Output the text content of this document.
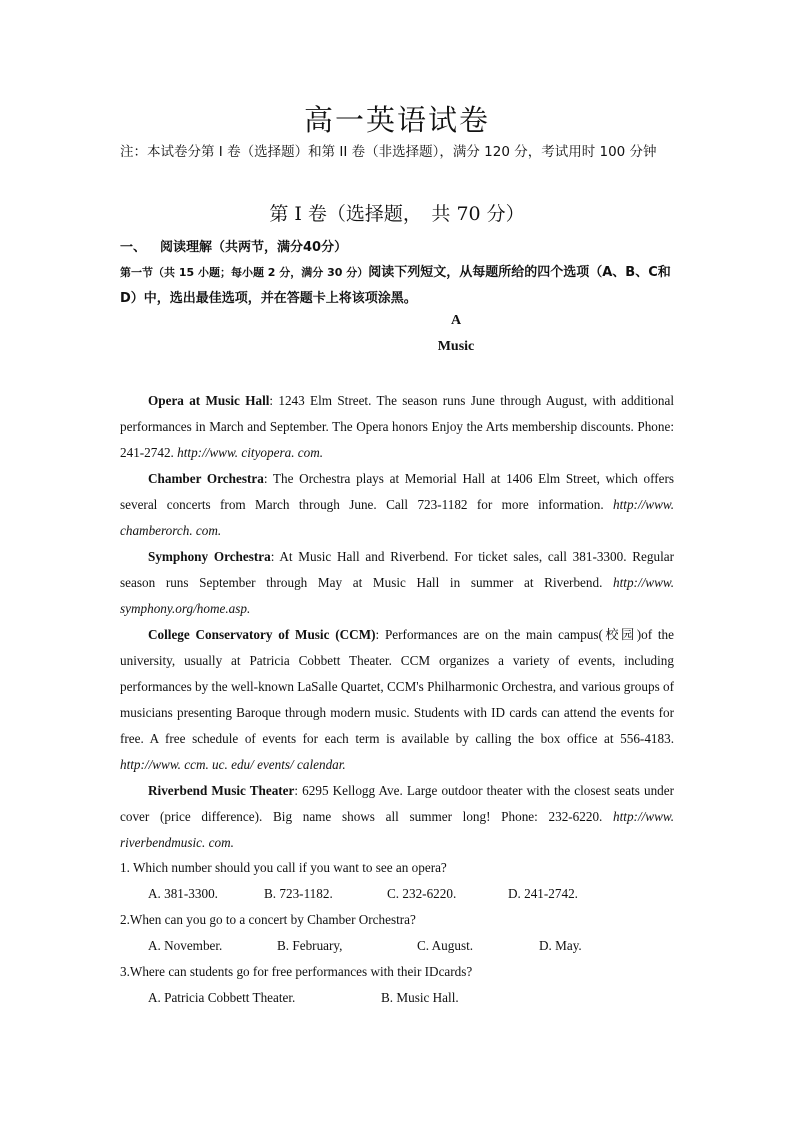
高一英语试卷
注：本试卷分第 I 卷（选择题）和第 II 卷（非选择题），满分 120 分，考试用时 100 分钟
第 I 卷（选择题，　共 70 分）
一、 阅读理解（共两节，满分40分）
第一节（共 15 小题；每小题 2 分，满分 30 分）阅读下列短文，从每题所给的四个选项（A、B、C和D）中，选出最佳选项，并在答题卡上将该项涂黑。
A
Music

Opera at Music Hall: 1243 Elm Street. The season runs June through August, with additional performances in March and September. The Opera honors Enjoy the Arts membership discounts. Phone: 241-2742. http://www. cityopera. com.

Chamber Orchestra: The Orchestra plays at Memorial Hall at 1406 Elm Street, which offers several concerts from March through June. Call 723-1182 for more information. http://www. chamberorch. com.

Symphony Orchestra: At Music Hall and Riverbend. For ticket sales, call 381-3300. Regular season runs September through May at Music Hall in summer at Riverbend. http://www. symphony.org/home.asp.

College Conservatory of Music (CCM): Performances are on the main campus(校园)of the university, usually at Patricia Cobbett Theater. CCM organizes a variety of events, including performances by the well-known LaSalle Quartet, CCM's Philharmonic Orchestra, and various groups of musicians presenting Baroque through modern music. Students with ID cards can attend the events for free. A free schedule of events for each term is available by calling the box office at 556-4183. http://www. ccm. uc. edu/ events/ calendar.

Riverbend Music Theater: 6295 Kellogg Ave. Large outdoor theater with the closest seats under cover (price difference). Big name shows all summer long! Phone: 232-6220. http://www. riverbendmusic. com.

1. Which number should you call if you want to see an opera?

A. 381-3300.	B. 723-1182.	C. 232-6220.	D. 241-2742.

2.When can you go to a concert by Chamber Orchestra?

A. November.	B. February,	C. August.	D. May.

3.Where can students go for free performances with their IDcards?

A. Patricia Cobbett Theater.	B. Music Hall.
